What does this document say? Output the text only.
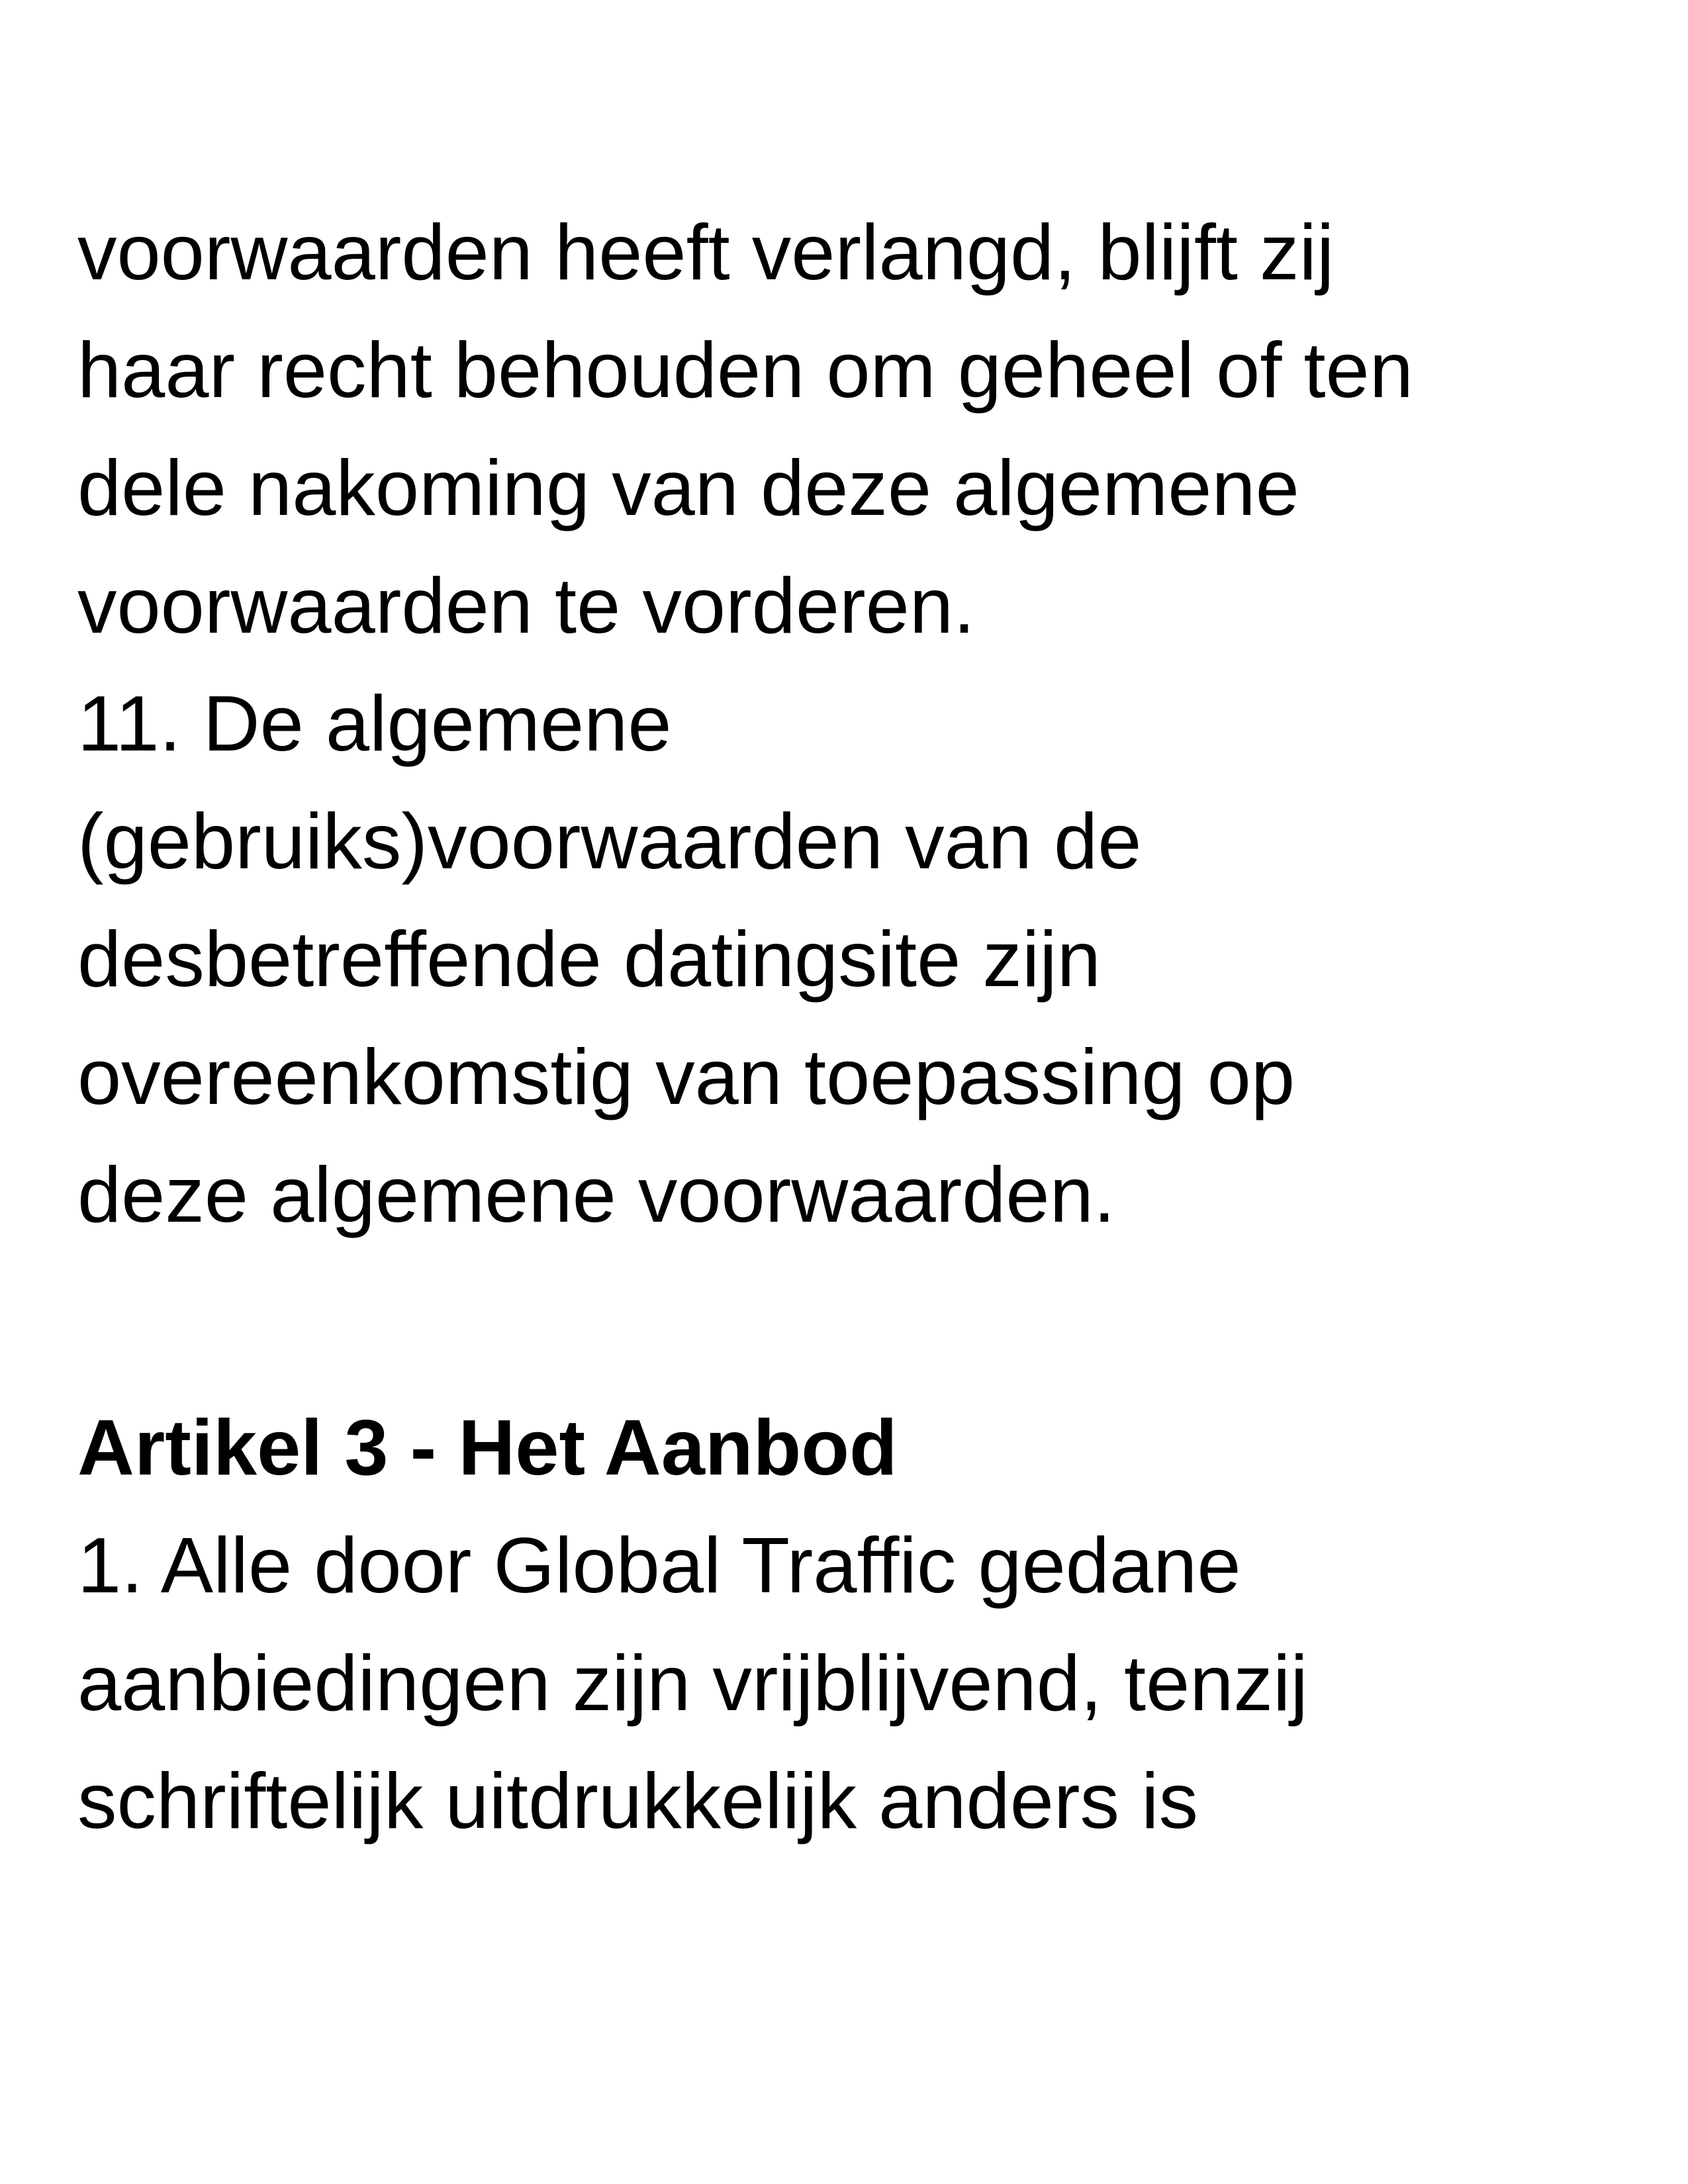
voorwaarden heeft verlangd, blijft zij

haar recht behouden om geheel of ten

dele nakoming van deze algemene

voorwaarden te vorderen.

11. De algemene

(gebruiks)voorwaarden van de

desbetreffende datingsite zijn

overeenkomstig van toepassing op

deze algemene voorwaarden.

Artikel 3 - Het Aanbod

1. Alle door Global Traffic gedane

aanbiedingen zijn vrijblijvend, tenzij

schriftelijk uitdrukkelijk anders is
